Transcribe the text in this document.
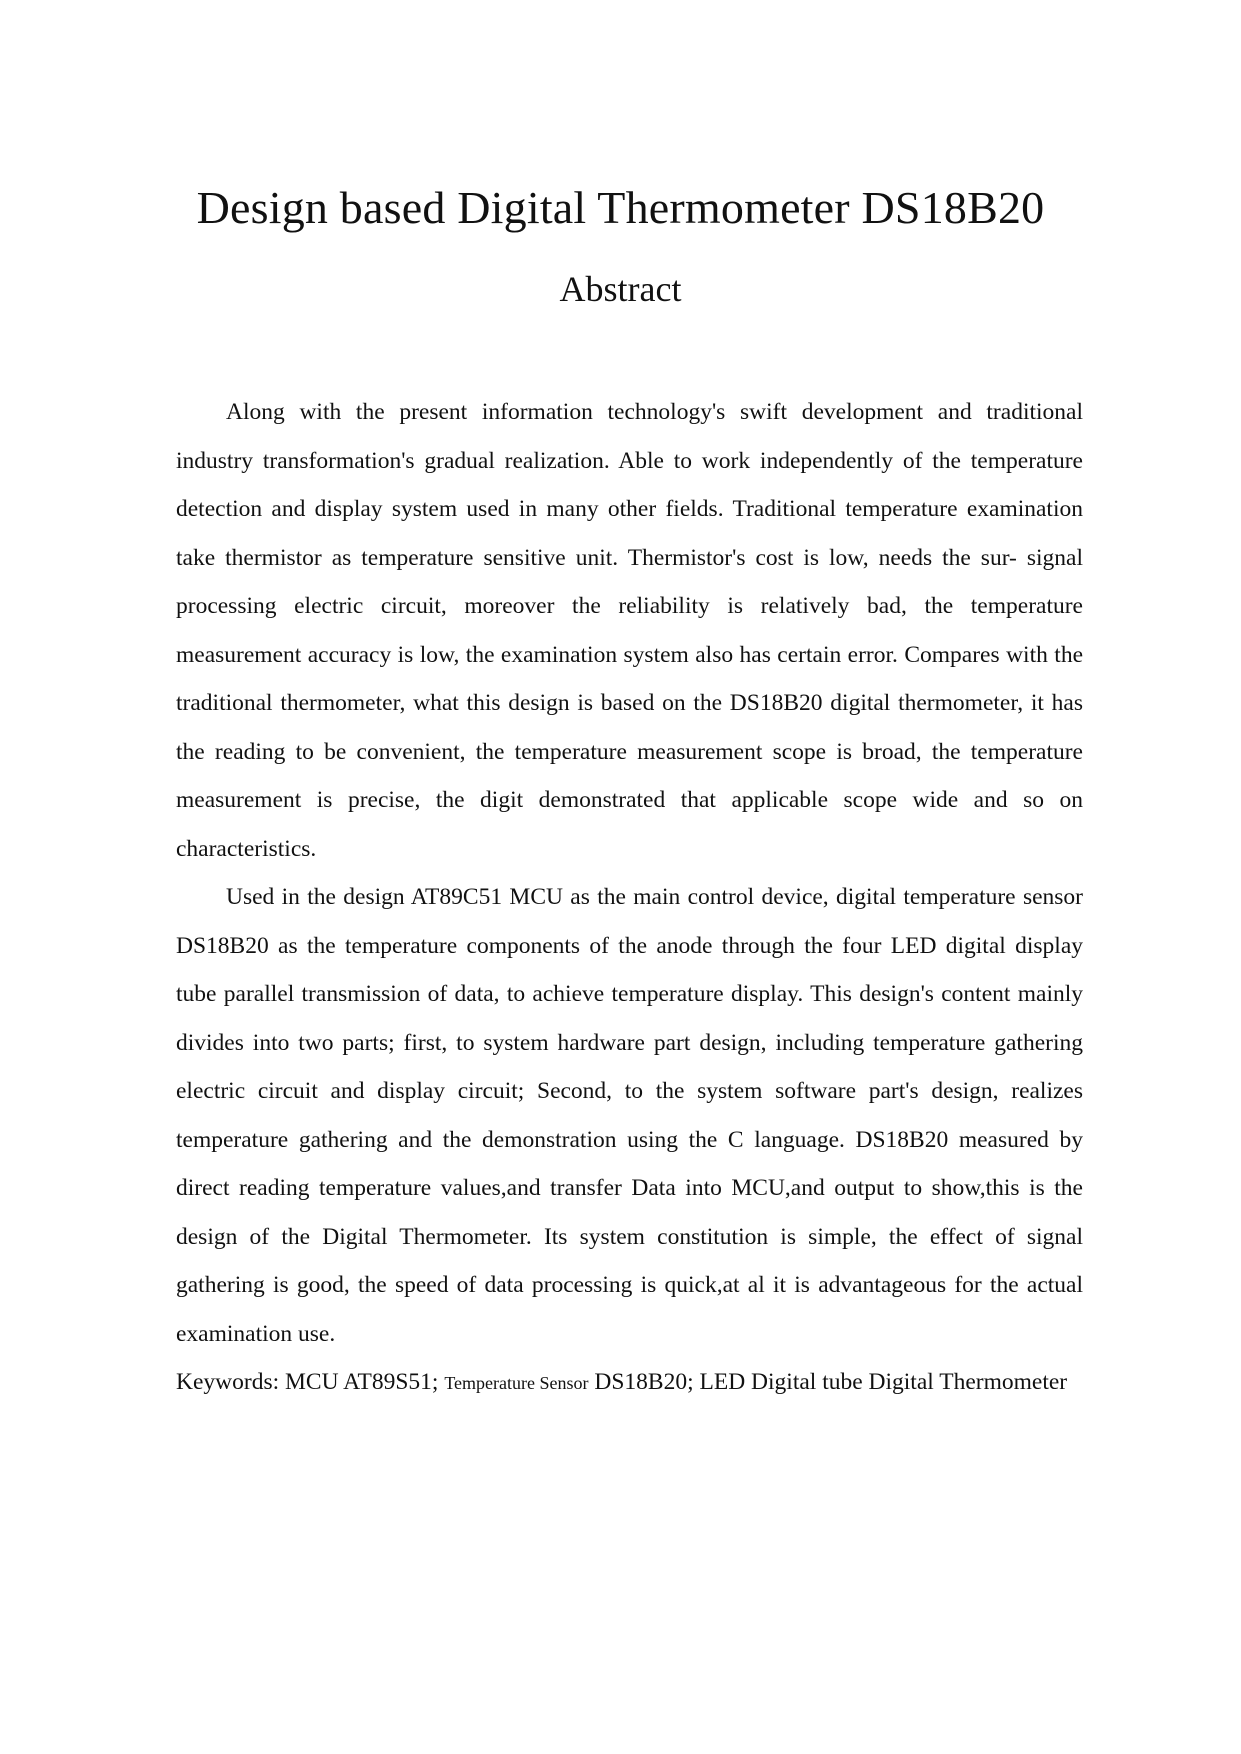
Design based Digital Thermometer DS18B20
Abstract

Along with the present information technology's swift development and traditional industry transformation's gradual realization. Able to work independently of the temperature detection and display system used in many other fields. Traditional temperature examination take thermistor as temperature sensitive unit. Thermistor's cost is low, needs the sur- signal processing electric circuit, moreover the reliability is relatively bad, the temperature measurement accuracy is low, the examination system also has certain error. Compares with the traditional thermometer, what this design is based on the DS18B20 digital thermometer, it has the reading to be convenient, the temperature measurement scope is broad, the temperature measurement is precise, the digit demonstrated that applicable scope wide and so on characteristics.

Used in the design AT89C51 MCU as the main control device, digital temperature sensor DS18B20 as the temperature components of the anode through the four LED digital display tube parallel transmission of data, to achieve temperature display. This design's content mainly divides into two parts; first, to system hardware part design, including temperature gathering electric circuit and display circuit; Second, to the system software part's design, realizes temperature gathering and the demonstration using the C language. DS18B20 measured by direct reading temperature values,and transfer Data into MCU,and output to show,this is the design of the Digital Thermometer. Its system constitution is simple, the effect of signal gathering is good, the speed of data processing is quick,at al it is advantageous for the actual examination use.

Keywords: MCU AT89S51; Temperature Sensor DS18B20; LED Digital tube Digital Thermometer
